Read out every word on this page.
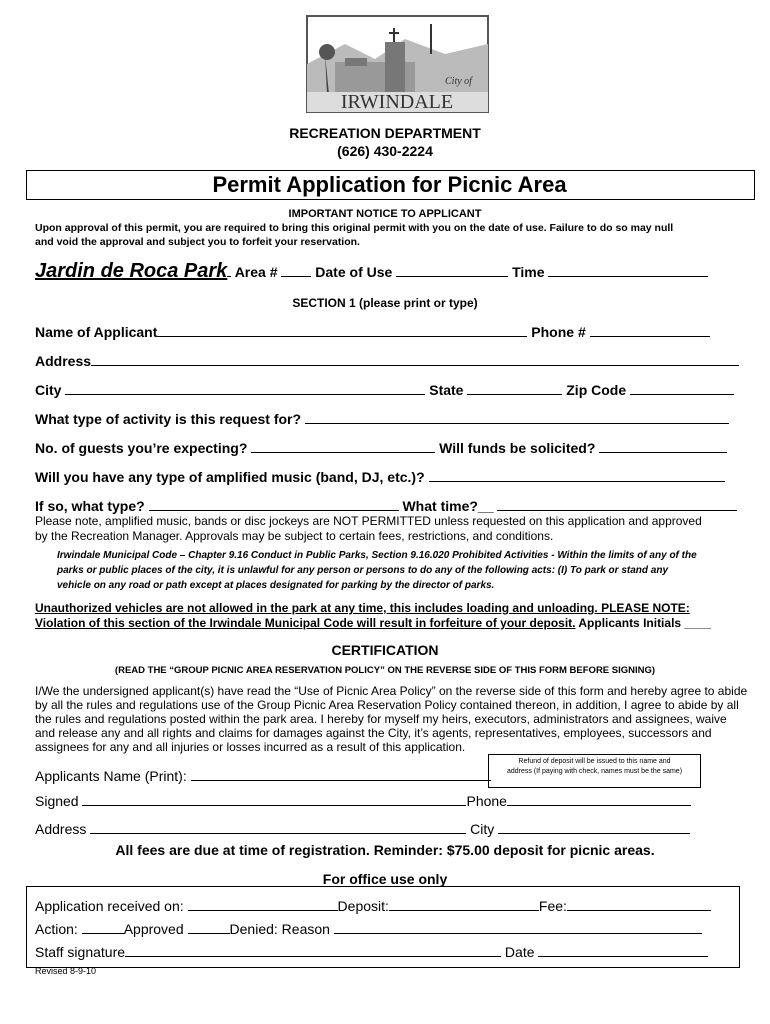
City of
IRWINDALE
RECREATION DEPARTMENT
(626) 430-2224
Permit Application for Picnic Area
IMPORTANT NOTICE TO APPLICANT
Upon approval of this permit, you are required to bring this original permit with you on the date of use. Failure to do so may null
and void the approval and subject you to forfeit your reservation.
Jardin de Roca Park Area #	Date of Use	Time
SECTION 1 (please print or type)
Name of Applicant	Phone #
Address
City	State	Zip Code
What type of activity is this request for?
No. of guests you’re expecting?	Will funds be solicited?
Will you have any type of amplified music (band, DJ, etc.)?
If so, what type?	What time?__
Please note, amplified music, bands or disc jockeys are NOT PERMITTED unless requested on this application and approved
by the Recreation Manager. Approvals may be subject to certain fees, restrictions, and conditions.
Irwindale Municipal Code – Chapter 9.16 Conduct in Public Parks, Section 9.16.020 Prohibited Activities - Within the limits of any of the
parks or public places of the city, it is unlawful for any person or persons to do any of the following acts: (I) To park or stand any
vehicle on any road or path except at places designated for parking by the director of parks.
Unauthorized vehicles are not allowed in the park at any time, this includes loading and unloading. PLEASE NOTE:
Violation of this section of the Irwindale Municipal Code will result in forfeiture of your deposit. Applicants Initials ____
CERTIFICATION
(READ THE “GROUP PICNIC AREA RESERVATION POLICY” ON THE REVERSE SIDE OF THIS FORM BEFORE SIGNING)
I/We the undersigned applicant(s) have read the “Use of Picnic Area Policy” on the reverse side of this form and hereby agree to abide
by all the rules and regulations use of the Group Picnic Area Reservation Policy contained thereon, in addition, I agree to abide by all
the rules and regulations posted within the park area. I hereby for myself my heirs, executors, administrators and assignees, waive
and release any and all rights and claims for damages against the City, it’s agents, representatives, employees, successors and
assignees for any and all injuries or losses incurred as a result of this application.
Refund of deposit will be issued to this name and
address (If paying with check, names must be the same)
Applicants Name (Print):
Signed	Phone
Address	City
All fees are due at time of registration. Reminder: $75.00 deposit for picnic areas.
For office use only
Application received on:	Deposit:	Fee:
Action:	Approved	Denied: Reason
Staff signature	Date
Revised 8-9-10
